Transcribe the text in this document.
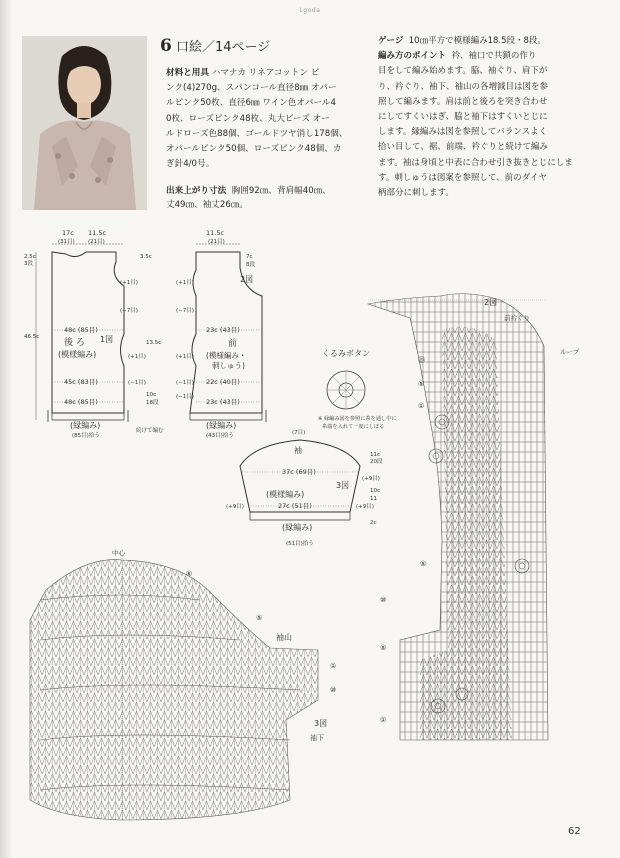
Lgoda
6 口絵／14ページ
材料と用具 ハマナカ リネアコットン ピ
ンク(4)270g、スパンコール直径8㎜ オパー
ルピンク50枚、直径6㎜ ワイン色オパール4
0枚、ローズピンク48枚、丸大ビーズ オー
ルドローズ色88個、ゴールドツヤ消し178個、
オパールピンク50個、ローズピンク48個、カ
ぎ針4/0号。
出来上がり寸法 胸囲92㎝、背肩幅40㎝、
丈49㎝、袖丈26㎝。
ゲージ 10㎝平方で模様編み18.5段・8段。
編み方のポイント 衿、袖口で共鎖の作り
目をして編み始めます。脇、袖ぐり、肩下が
り、衿ぐり、袖下、袖山の各増減目は図を参
照して編みます。肩は前と後ろを突き合わせ
にしてすくいはぎ、脇と袖下はすくいとじに
します。縁編みは図を参照してバランスよく
拾い目して、裾、前端、衿ぐりと続けて編み
ます。袖は身頃と中表に合わせ引き抜きとじにしま
す。刺しゅうは図案を参照して、前のダイヤ
柄部分に刺します。
17c
(31目)
11.5c
(21目)
2.5c
3段
46.5c
48c (85目)
45c (83目)
48c (85目)
後 ろ 1図
(模様編み)
(縁編み)
(85目)拾う
3.5c
(+1目)
(−7目)
13.5c
(+1目)
(−1目)
10c
18段
11.5c
(21目)
7c
8段
23c (43目)
22c (40目)
23c (43目)
前
2図
(模様編み・
刺しゅう)
(縁編み)
(43目)拾う
続けて編む
(+1目)
(−7目)
(+1目)
(−1目)
(−1目)
くるみボタン
※ 縁編み図を参照に糸を通し中に
糸端を入れて一度にしぼる
(7目)
袖
37c (69目)
(模様編み)
3図
27c (51目)
(縁編み)
(51目)拾う
11c
20段
(+9目)
(+9目)	(+9目)
10c
11
2c
2図
前衿ぐり
ループ
⑳
⑤
①
⑤
⑩
⑤
①
中心
袖山
3図
袖下
⑥
⑤
①
⑩
62
